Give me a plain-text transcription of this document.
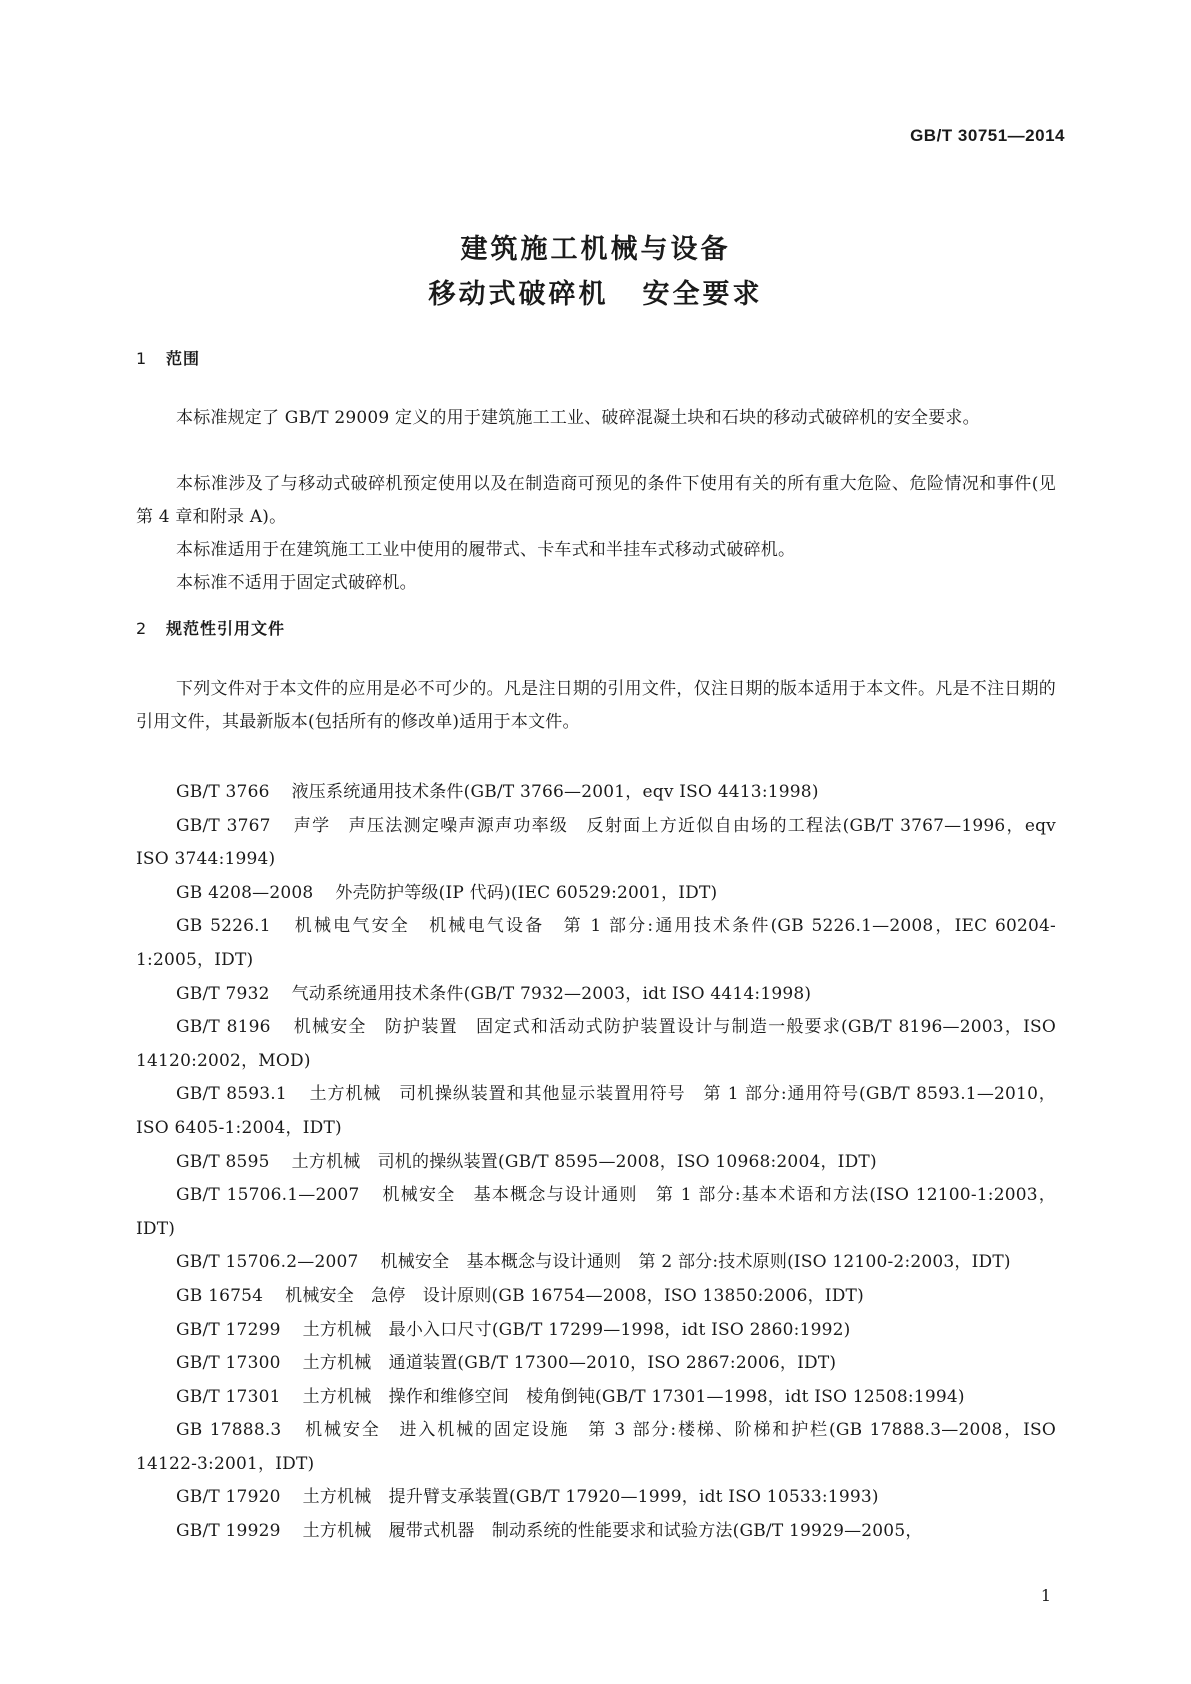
GB/T 30751—2014

建筑施工机械与设备
移动式破碎机 安全要求
1 范围

本标准规定了 GB/T 29009 定义的用于建筑施工工业、破碎混凝土块和石块的移动式破碎机的安全要求。

本标准涉及了与移动式破碎机预定使用以及在制造商可预见的条件下使用有关的所有重大危险、危险情况和事件(见第 4 章和附录 A)。

本标准适用于在建筑施工工业中使用的履带式、卡车式和半挂车式移动式破碎机。

本标准不适用于固定式破碎机。

2 规范性引用文件

下列文件对于本文件的应用是必不可少的。凡是注日期的引用文件，仅注日期的版本适用于本文件。凡是不注日期的引用文件，其最新版本(包括所有的修改单)适用于本文件。

GB/T 3766 液压系统通用技术条件(GB/T 3766—2001，eqv ISO 4413:1998)
GB/T 3767 声学　声压法测定噪声源声功率级　反射面上方近似自由场的工程法(GB/T 3767—1996，eqv ISO 3744:1994)
GB 4208—2008 外壳防护等级(IP 代码)(IEC 60529:2001，IDT)
GB 5226.1 机械电气安全　机械电气设备　第 1 部分:通用技术条件(GB 5226.1—2008，IEC 60204-1:2005，IDT)
GB/T 7932 气动系统通用技术条件(GB/T 7932—2003，idt ISO 4414:1998)
GB/T 8196 机械安全　防护装置　固定式和活动式防护装置设计与制造一般要求(GB/T 8196—2003，ISO 14120:2002，MOD)
GB/T 8593.1 土方机械　司机操纵装置和其他显示装置用符号　第 1 部分:通用符号(GB/T 8593.1—2010，ISO 6405-1:2004，IDT)
GB/T 8595 土方机械　司机的操纵装置(GB/T 8595—2008，ISO 10968:2004，IDT)
GB/T 15706.1—2007 机械安全　基本概念与设计通则　第 1 部分:基本术语和方法(ISO 12100-1:2003，IDT)
GB/T 15706.2—2007 机械安全　基本概念与设计通则　第 2 部分:技术原则(ISO 12100-2:2003，IDT)
GB 16754 机械安全　急停　设计原则(GB 16754—2008，ISO 13850:2006，IDT)
GB/T 17299 土方机械　最小入口尺寸(GB/T 17299—1998，idt ISO 2860:1992)
GB/T 17300 土方机械　通道装置(GB/T 17300—2010，ISO 2867:2006，IDT)
GB/T 17301 土方机械　操作和维修空间　棱角倒钝(GB/T 17301—1998，idt ISO 12508:1994)
GB 17888.3 机械安全　进入机械的固定设施　第 3 部分:楼梯、阶梯和护栏(GB 17888.3—2008，ISO 14122-3:2001，IDT)
GB/T 17920 土方机械　提升臂支承装置(GB/T 17920—1999，idt ISO 10533:1993)
GB/T 19929 土方机械　履带式机器　制动系统的性能要求和试验方法(GB/T 19929—2005，

1
